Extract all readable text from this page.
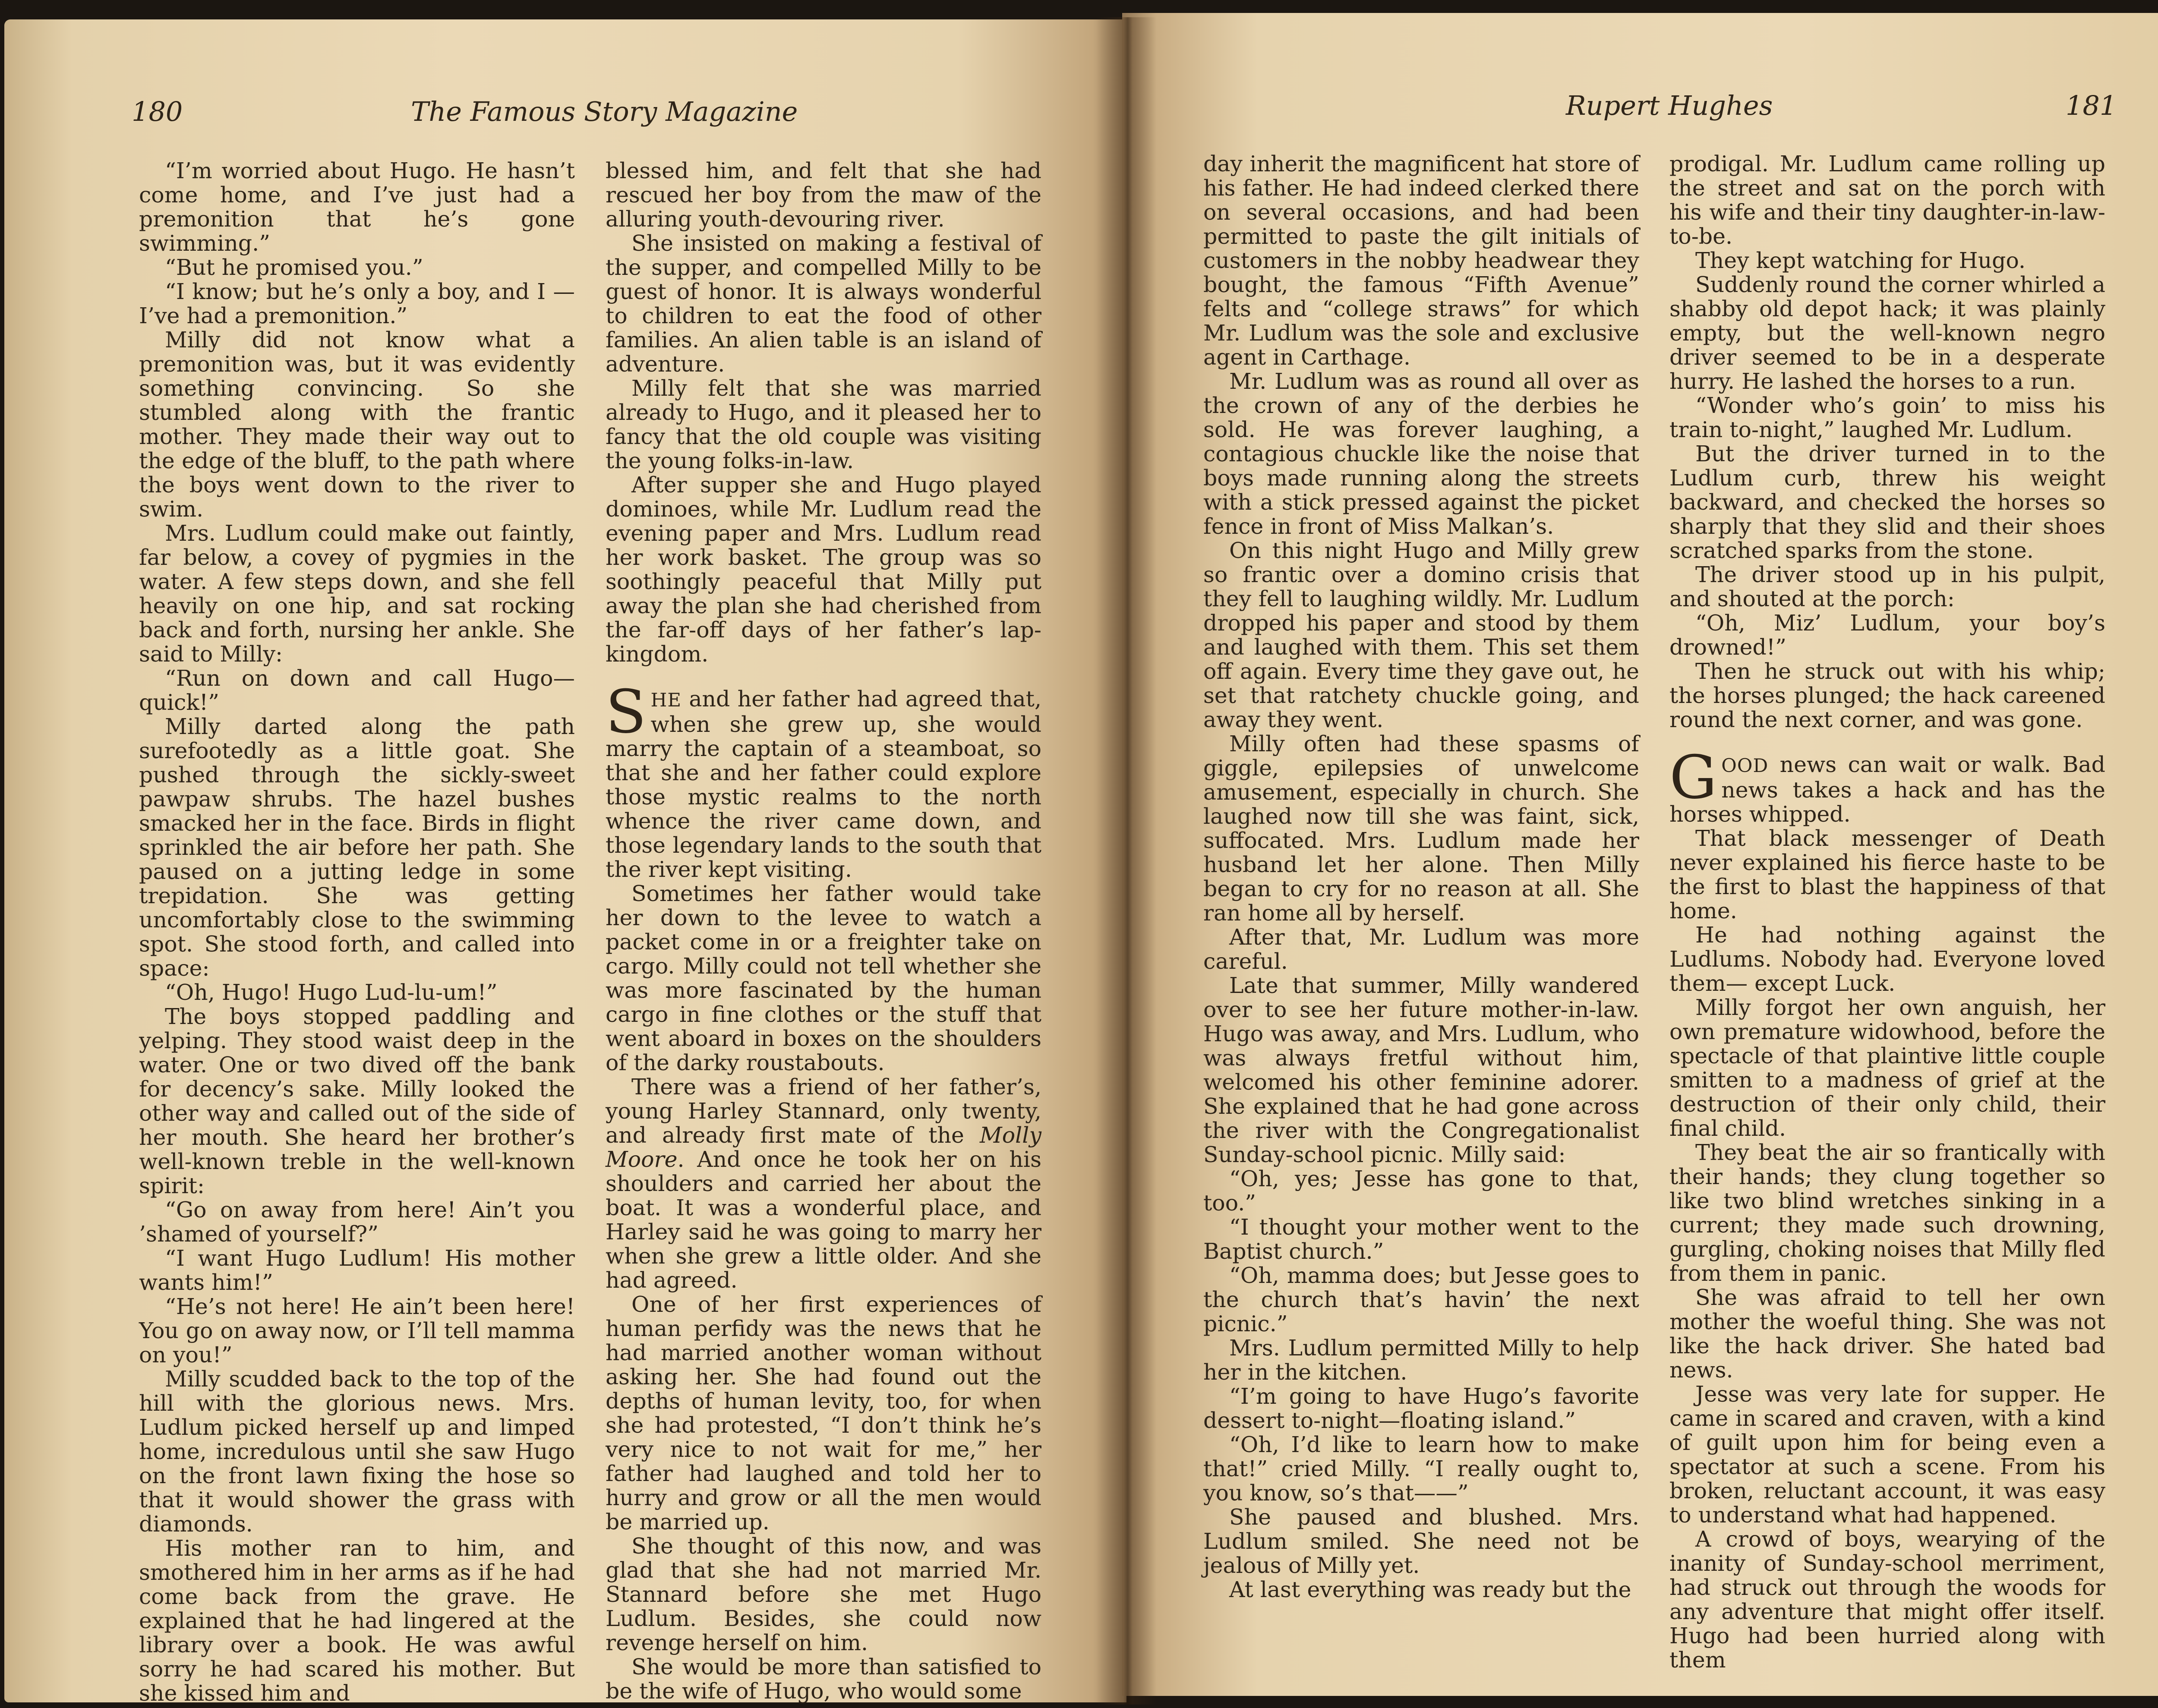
180	The Famous Story Magazine	Rupert Hughes	181

“I’m worried about Hugo. He hasn’t come home, and I’ve just had a premonition that he’s gone swimming.”

“But he promised you.”

“I know; but he’s only a boy, and I —I’ve had a premonition.”

Milly did not know what a premonition was, but it was evidently something convincing. So she stumbled along with the frantic mother. They made their way out to the edge of the bluff, to the path where the boys went down to the river to swim.

Mrs. Ludlum could make out faintly, far below, a covey of pygmies in the water. A few steps down, and she fell heavily on one hip, and sat rocking back and forth, nursing her ankle. She said to Milly:

“Run on down and call Hugo— quick!”

Milly darted along the path surefootedly as a little goat. She pushed through the sickly-sweet pawpaw shrubs. The hazel bushes smacked her in the face. Birds in flight sprinkled the air before her path. She paused on a jutting ledge in some trepidation. She was getting uncomfortably close to the swimming spot. She stood forth, and called into space:

“Oh, Hugo! Hugo Lud-lu-um!”

The boys stopped paddling and yelping. They stood waist deep in the water. One or two dived off the bank for decency’s sake. Milly looked the other way and called out of the side of her mouth. She heard her brother’s well-known treble in the well-known spirit:

“Go on away from here! Ain’t you ’shamed of yourself?”

“I want Hugo Ludlum! His mother wants him!”

“He’s not here! He ain’t been here! You go on away now, or I’ll tell mamma on you!”

Milly scudded back to the top of the hill with the glorious news. Mrs. Ludlum picked herself up and limped home, incredulous until she saw Hugo on the front lawn fixing the hose so that it would shower the grass with diamonds.

His mother ran to him, and smothered him in her arms as if he had come back from the grave. He explained that he had lingered at the library over a book. He was awful sorry he had scared his mother. But she kissed him and

blessed him, and felt that she had rescued her boy from the maw of the alluring youth-devouring river.

She insisted on making a festival of the supper, and compelled Milly to be guest of honor. It is always wonderful to children to eat the food of other families. An alien table is an island of adventure.

Milly felt that she was married already to Hugo, and it pleased her to fancy that the old couple was visiting the young folks-in-law.

After supper she and Hugo played dominoes, while Mr. Ludlum read the evening paper and Mrs. Ludlum read her work basket. The group was so soothingly peaceful that Milly put away the plan she had cherished from the far-off days of her father’s lap-kingdom.

SHE and her father had agreed that, when she grew up, she would marry the captain of a steamboat, so that she and her father could explore those mystic realms to the north whence the river came down, and those legendary lands to the south that the river kept visiting.

Sometimes her father would take her down to the levee to watch a packet come in or a freighter take on cargo. Milly could not tell whether she was more fascinated by the human cargo in fine clothes or the stuff that went aboard in boxes on the shoulders of the darky roustabouts.

There was a friend of her father’s, young Harley Stannard, only twenty, and already first mate of the Molly Moore. And once he took her on his shoulders and carried her about the boat. It was a wonderful place, and Harley said he was going to marry her when she grew a little older. And she had agreed.

One of her first experiences of human perfidy was the news that he had married another woman without asking her. She had found out the depths of human levity, too, for when she had protested, “I don’t think he’s very nice to not wait for me,” her father had laughed and told her to hurry and grow or all the men would be married up.

She thought of this now, and was glad that she had not married Mr. Stannard before she met Hugo Ludlum. Besides, she could now revenge herself on him.

She would be more than satisfied to be the wife of Hugo, who would some

day inherit the magnificent hat store of his father. He had indeed clerked there on several occasions, and had been permitted to paste the gilt initials of customers in the nobby headwear they bought, the famous “Fifth Avenue” felts and “college straws” for which Mr. Ludlum was the sole and exclusive agent in Carthage.

Mr. Ludlum was as round all over as the crown of any of the derbies he sold. He was forever laughing, a contagious chuckle like the noise that boys made running along the streets with a stick pressed against the picket fence in front of Miss Malkan’s.

On this night Hugo and Milly grew so frantic over a domino crisis that they fell to laughing wildly. Mr. Ludlum dropped his paper and stood by them and laughed with them. This set them off again. Every time they gave out, he set that ratchety chuckle going, and away they went.

Milly often had these spasms of giggle, epilepsies of unwelcome amusement, especially in church. She laughed now till she was faint, sick, suffocated. Mrs. Ludlum made her husband let her alone. Then Milly began to cry for no reason at all. She ran home all by herself.

After that, Mr. Ludlum was more careful.

Late that summer, Milly wandered over to see her future mother-in-law. Hugo was away, and Mrs. Ludlum, who was always fretful without him, welcomed his other feminine adorer. She explained that he had gone across the river with the Congregationalist Sunday-school picnic. Milly said:

“Oh, yes; Jesse has gone to that, too.”

“I thought your mother went to the Baptist church.”

“Oh, mamma does; but Jesse goes to the church that’s havin’ the next picnic.”

Mrs. Ludlum permitted Milly to help her in the kitchen.

“I’m going to have Hugo’s favorite dessert to-night—floating island.”

“Oh, I’d like to learn how to make that!” cried Milly. “I really ought to, you know, so’s that——”

She paused and blushed. Mrs. Ludlum smiled. She need not be jealous of Milly yet.

At last everything was ready but the

prodigal. Mr. Ludlum came rolling up the street and sat on the porch with his wife and their tiny daughter-in-law-to-be.

They kept watching for Hugo.

Suddenly round the corner whirled a shabby old depot hack; it was plainly empty, but the well-known negro driver seemed to be in a desperate hurry. He lashed the horses to a run.

“Wonder who’s goin’ to miss his train to-night,” laughed Mr. Ludlum.

But the driver turned in to the Ludlum curb, threw his weight backward, and checked the horses so sharply that they slid and their shoes scratched sparks from the stone.

The driver stood up in his pulpit, and shouted at the porch:

“Oh, Miz’ Ludlum, your boy’s drowned!”

Then he struck out with his whip; the horses plunged; the hack careened round the next corner, and was gone.

GOOD news can wait or walk. Bad news takes a hack and has the horses whipped.

That black messenger of Death never explained his fierce haste to be the first to blast the happiness of that home.

He had nothing against the Ludlums. Nobody had. Everyone loved them— except Luck.

Milly forgot her own anguish, her own premature widowhood, before the spectacle of that plaintive little couple smitten to a madness of grief at the destruction of their only child, their final child.

They beat the air so frantically with their hands; they clung together so like two blind wretches sinking in a current; they made such drowning, gurgling, choking noises that Milly fled from them in panic.

She was afraid to tell her own mother the woeful thing. She was not like the hack driver. She hated bad news.

Jesse was very late for supper. He came in scared and craven, with a kind of guilt upon him for being even a spectator at such a scene. From his broken, reluctant account, it was easy to understand what had happened.

A crowd of boys, wearying of the inanity of Sunday-school merriment, had struck out through the woods for any adventure that might offer itself. Hugo had been hurried along with them
